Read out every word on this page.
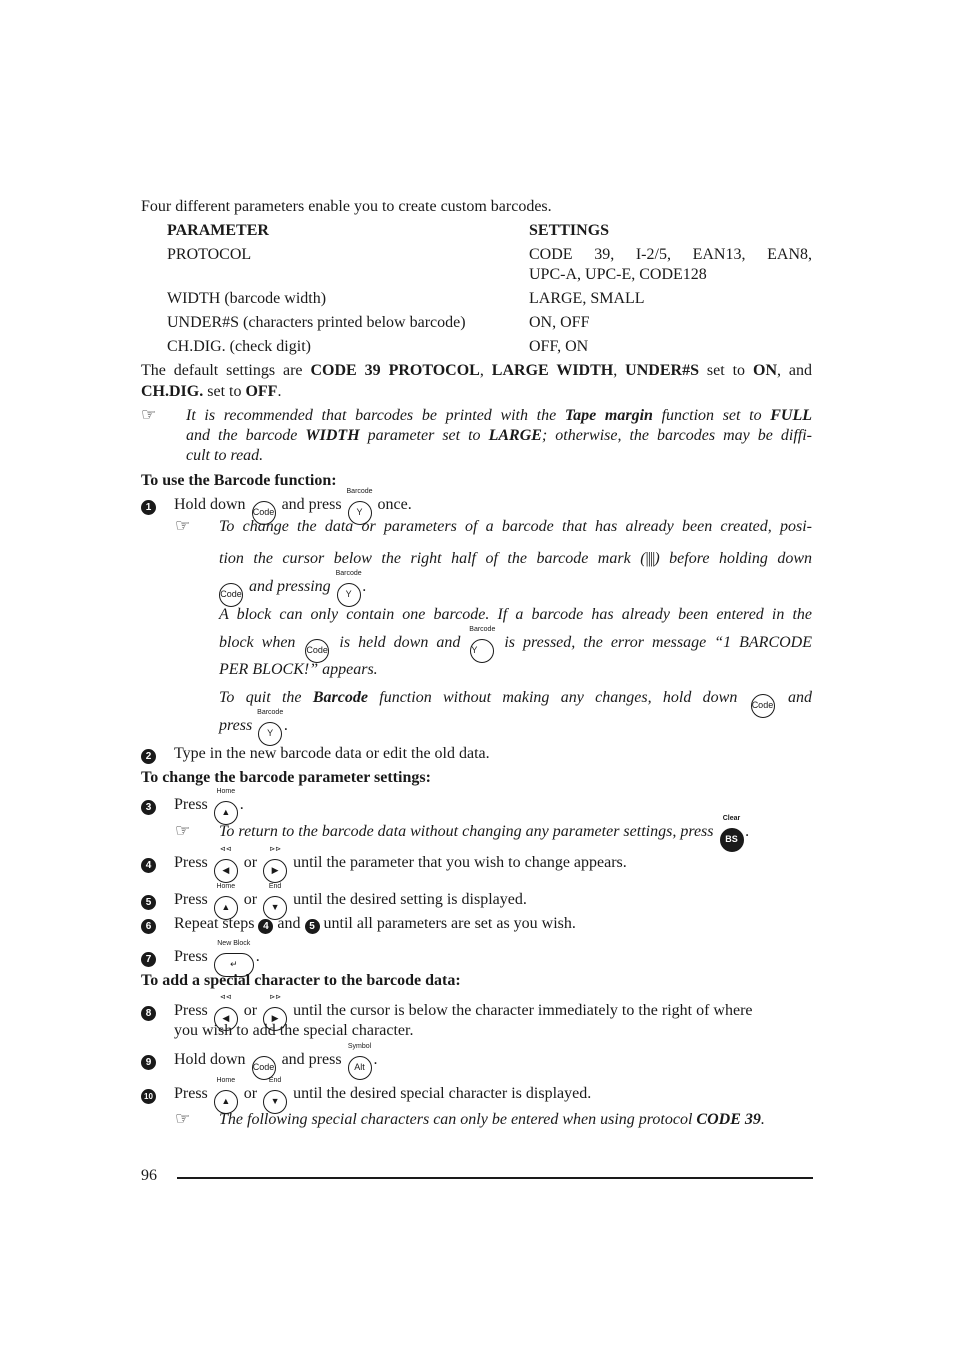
Four different parameters enable you to create custom barcodes.
PARAMETER	SETTINGS
PROTOCOL	CODE 39, I-2/5, EAN13, EAN8,
UPC-A, UPC-E, CODE128
WIDTH (barcode width)	LARGE, SMALL
UNDER#S (characters printed below barcode)	ON, OFF
CH.DIG. (check digit)	OFF, ON
The default settings are CODE 39 PROTOCOL, LARGE WIDTH, UNDER#S set to ON, and
CH.DIG. set to OFF.
☞ It is recommended that barcodes be printed with the Tape margin function set to FULL
and the barcode WIDTH parameter set to LARGE; otherwise, the barcodes may be diffi-
cult to read.
To use the Barcode function:
1 Hold down Code and press
Barcode
Y once.
☞ To change the data or parameters of a barcode that has already been created, posi-
tion the cursor below the right half of the barcode mark (||||) before holding down
Code and pressing
Barcode
Y .
A block can only contain one barcode. If a barcode has already been entered in the
block when Code is held down and
Barcode
Y is pressed, the error message “1 BARCODE
PER BLOCK!” appears.
To quit the Barcode function without making any changes, hold down Code and
press
Barcode
Y .
2 Type in the new barcode data or edit the old data.
To change the barcode parameter settings:
3 Press
Home
▲ .
☞ To return to the barcode data without changing any parameter settings, press
Clear
BS .
4 Press
⊲⊲
◀ or
⊳⊳
▶ until the parameter that you wish to change appears.
5 Press
Home
▲ or
End
▼ until the desired setting is displayed.
6 Repeat steps 4 and 5 until all parameters are set as you wish.
7 Press
New Block
↵ .
To add a special character to the barcode data:
8 Press
⊲⊲
◀ or
⊳⊳
▶ until the cursor is below the character immediately to the right of where
you wish to add the special character.
9 Hold down Code and press
Symbol
Alt .
10 Press
Home
▲ or
End
▼ until the desired special character is displayed.
☞ The following special characters can only be entered when using protocol CODE 39.
96
